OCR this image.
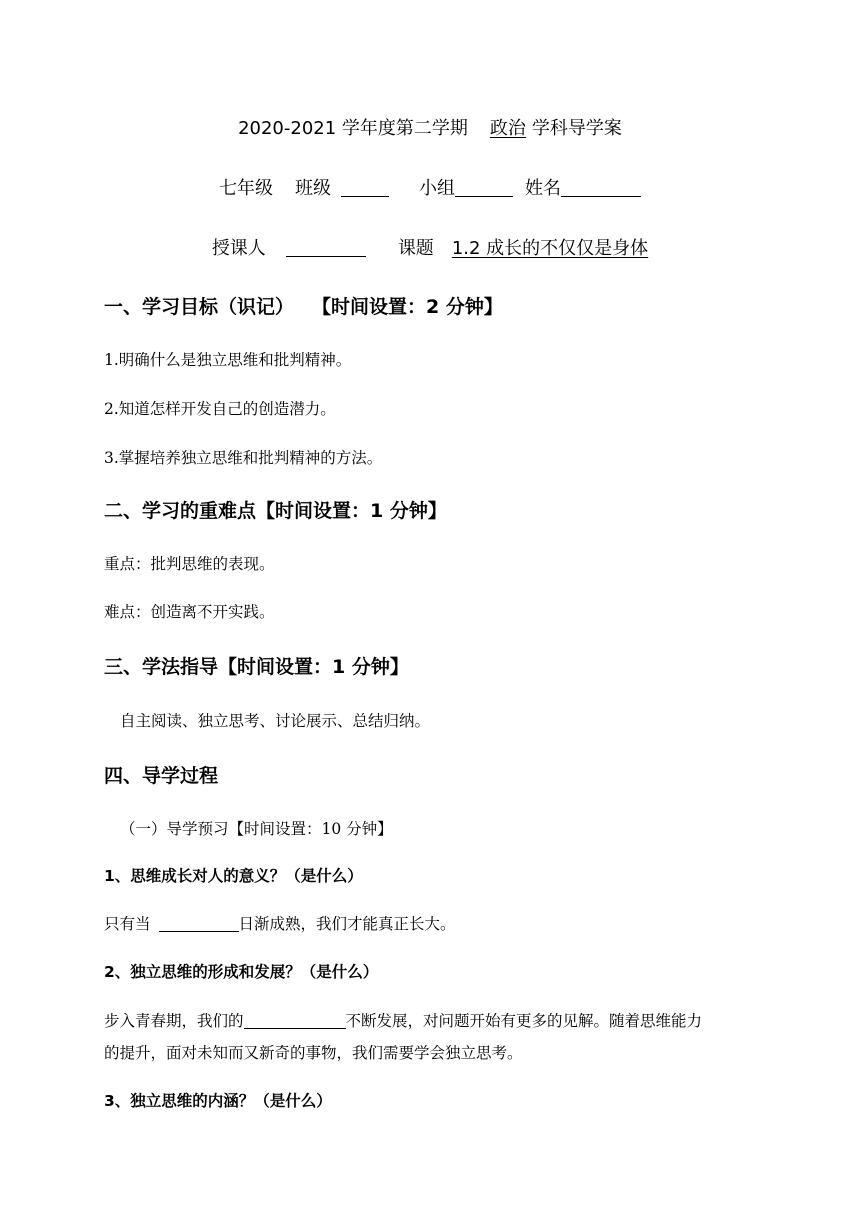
2020-2021 学年度第二学期 政治 学科导学案
七年级 班级	小组	姓名
授课人	课题 1.2 成长的不仅仅是身体
一、学习目标（识记） 【时间设置：2 分钟】
1.明确什么是独立思维和批判精神。
2.知道怎样开发自己的创造潜力。
3.掌握培养独立思维和批判精神的方法。
二、学习的重难点【时间设置：1 分钟】
重点：批判思维的表现。
难点：创造离不开实践。
三、学法指导【时间设置：1 分钟】
自主阅读、独立思考、讨论展示、总结归纳。
四、导学过程
（一）导学预习【时间设置：10 分钟】
1、思维成长对人的意义？（是什么）
只有当	日渐成熟，我们才能真正长大。
2、独立思维的形成和发展？（是什么）
步入青春期，我们的	不断发展，对问题开始有更多的见解。随着思维能力
的提升，面对未知而又新奇的事物，我们需要学会独立思考。
3、独立思维的内涵？（是什么）
